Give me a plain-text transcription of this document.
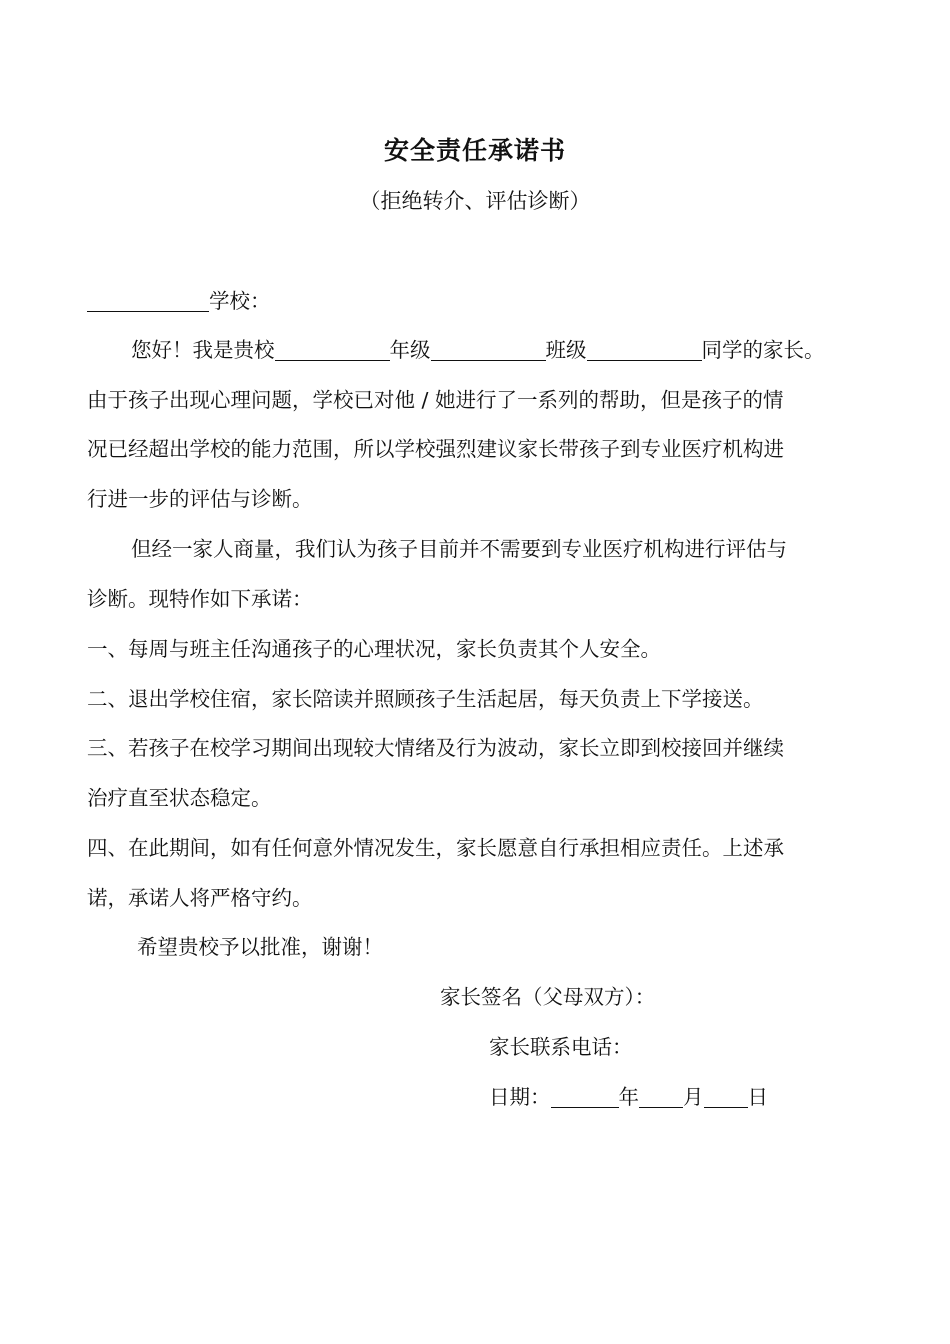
安全责任承诺书
（拒绝转介、评估诊断）
学校：
您好！我是贵校	年级	班级	同学的家长。
由于孩子出现心理问题，学校已对他 / 她进行了一系列的帮助，但是孩子的情
况已经超出学校的能力范围，所以学校强烈建议家长带孩子到专业医疗机构进
行进一步的评估与诊断。
但经一家人商量，我们认为孩子目前并不需要到专业医疗机构进行评估与
诊断。现特作如下承诺：
一、每周与班主任沟通孩子的心理状况，家长负责其个人安全。
二、退出学校住宿，家长陪读并照顾孩子生活起居，每天负责上下学接送。
三、若孩子在校学习期间出现较大情绪及行为波动，家长立即到校接回并继续
治疗直至状态稳定。
四、在此期间，如有任何意外情况发生，家长愿意自行承担相应责任。上述承
诺，承诺人将严格守约。
希望贵校予以批准，谢谢！
家长签名（父母双方）：
家长联系电话：
日期：	年 月 日
